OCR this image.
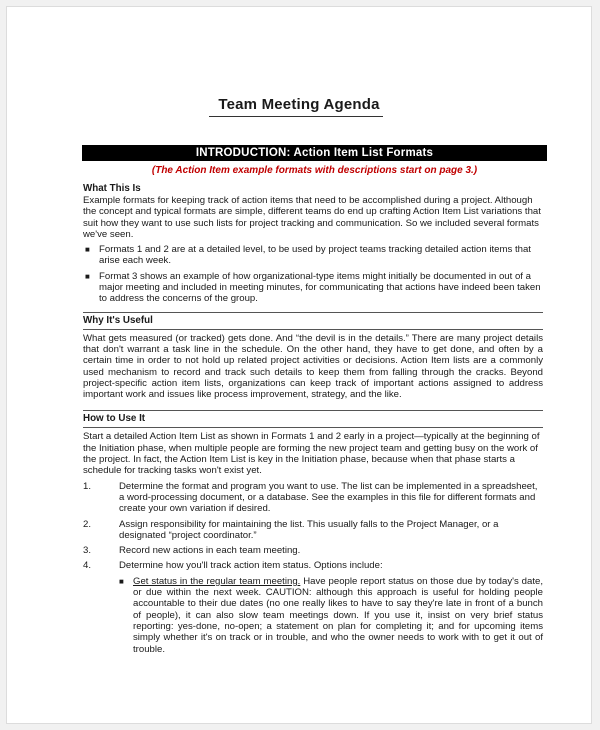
Team Meeting Agenda
INTRODUCTION: Action Item List Formats
(The Action Item example formats with descriptions start on page 3.)
What This Is

Example formats for keeping track of action items that need to be accomplished during a project. Although the concept and typical formats are simple, different teams do end up crafting Action Item List variations that suit how they want to use such lists for project tracking and communication. So we included several formats we've seen.

■ Formats 1 and 2 are at a detailed level, to be used by project teams tracking detailed action items that arise each week.
■ Format 3 shows an example of how organizational-type items might initially be documented in out of a major meeting and included in meeting minutes, for communicating that actions have indeed been taken to address the concerns of the group.
Why It's Useful

What gets measured (or tracked) gets done. And “the devil is in the details.” There are many project details that don't warrant a task line in the schedule. On the other hand, they have to get done, and often by a certain time in order to not hold up related project activities or decisions. Action Item lists are a commonly used mechanism to record and track such details to keep them from falling through the cracks. Beyond project-specific action item lists, organizations can keep track of important actions assigned to address important work and issues like process improvement, strategy, and the like.

How to Use It

Start a detailed Action Item List as shown in Formats 1 and 2 early in a project—typically at the beginning of the Initiation phase, when multiple people are forming the new project team and getting busy on the work of the project. In fact, the Action Item List is key in the Initiation phase, because when that phase starts a schedule for tracking tasks won't exist yet.

1.	Determine the format and program you want to use. The list can be implemented in a spreadsheet, a word-processing document, or a database. See the examples in this file for different formats and create your own variation if desired.
2.	Assign responsibility for maintaining the list. This usually falls to the Project Manager, or a designated “project coordinator.”
3.	Record new actions in each team meeting.
4.	Determine how you'll track action item status. Options include:
■ Get status in the regular team meeting. Have people report status on those due by today's date, or due within the next week. CAUTION: although this approach is useful for holding people accountable to their due dates (no one really likes to have to say they're late in front of a bunch of people), it can also slow team meetings down. If you use it, insist on very brief status reporting: yes-done, no-open; a statement on plan for completing it; and for upcoming items simply whether it's on track or in trouble, and who the owner needs to work with to get it out of trouble.
